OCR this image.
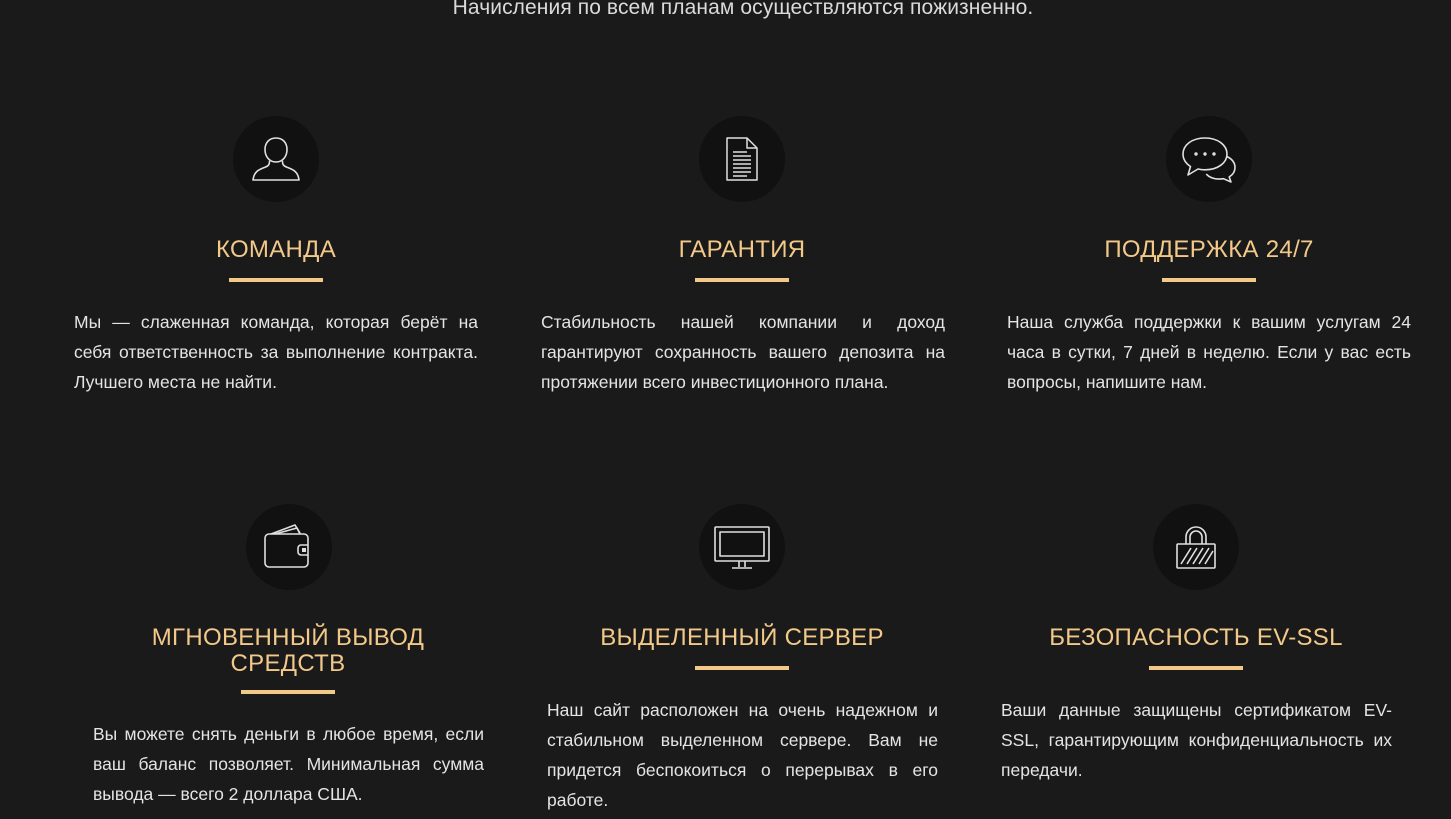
Начисления по всем планам осуществляются пожизненно.

КОМАНДА

Мы — слаженная команда, которая берёт на себя ответственность за выполнение контракта. Лучшего места не найти.

ГАРАНТИЯ

Стабильность нашей компании и доход гарантируют сохранность вашего депозита на протяжении всего инвестиционного плана.

ПОДДЕРЖКА 24/7

Наша служба поддержки к вашим услугам 24 часа в сутки, 7 дней в неделю. Если у вас есть вопросы, напишите нам.

МГНОВЕННЫЙ ВЫВОД СРЕДСТВ

Вы можете снять деньги в любое время, если ваш баланс позволяет. Минимальная сумма вывода — всего 2 доллара США.

ВЫДЕЛЕННЫЙ СЕРВЕР

Наш сайт расположен на очень надежном и стабильном выделенном сервере. Вам не придется беспокоиться о перерывах в его работе.

БЕЗОПАСНОСТЬ EV-SSL

Ваши данные защищены сертификатом EV-SSL, гарантирующим конфиденциальность их передачи.
